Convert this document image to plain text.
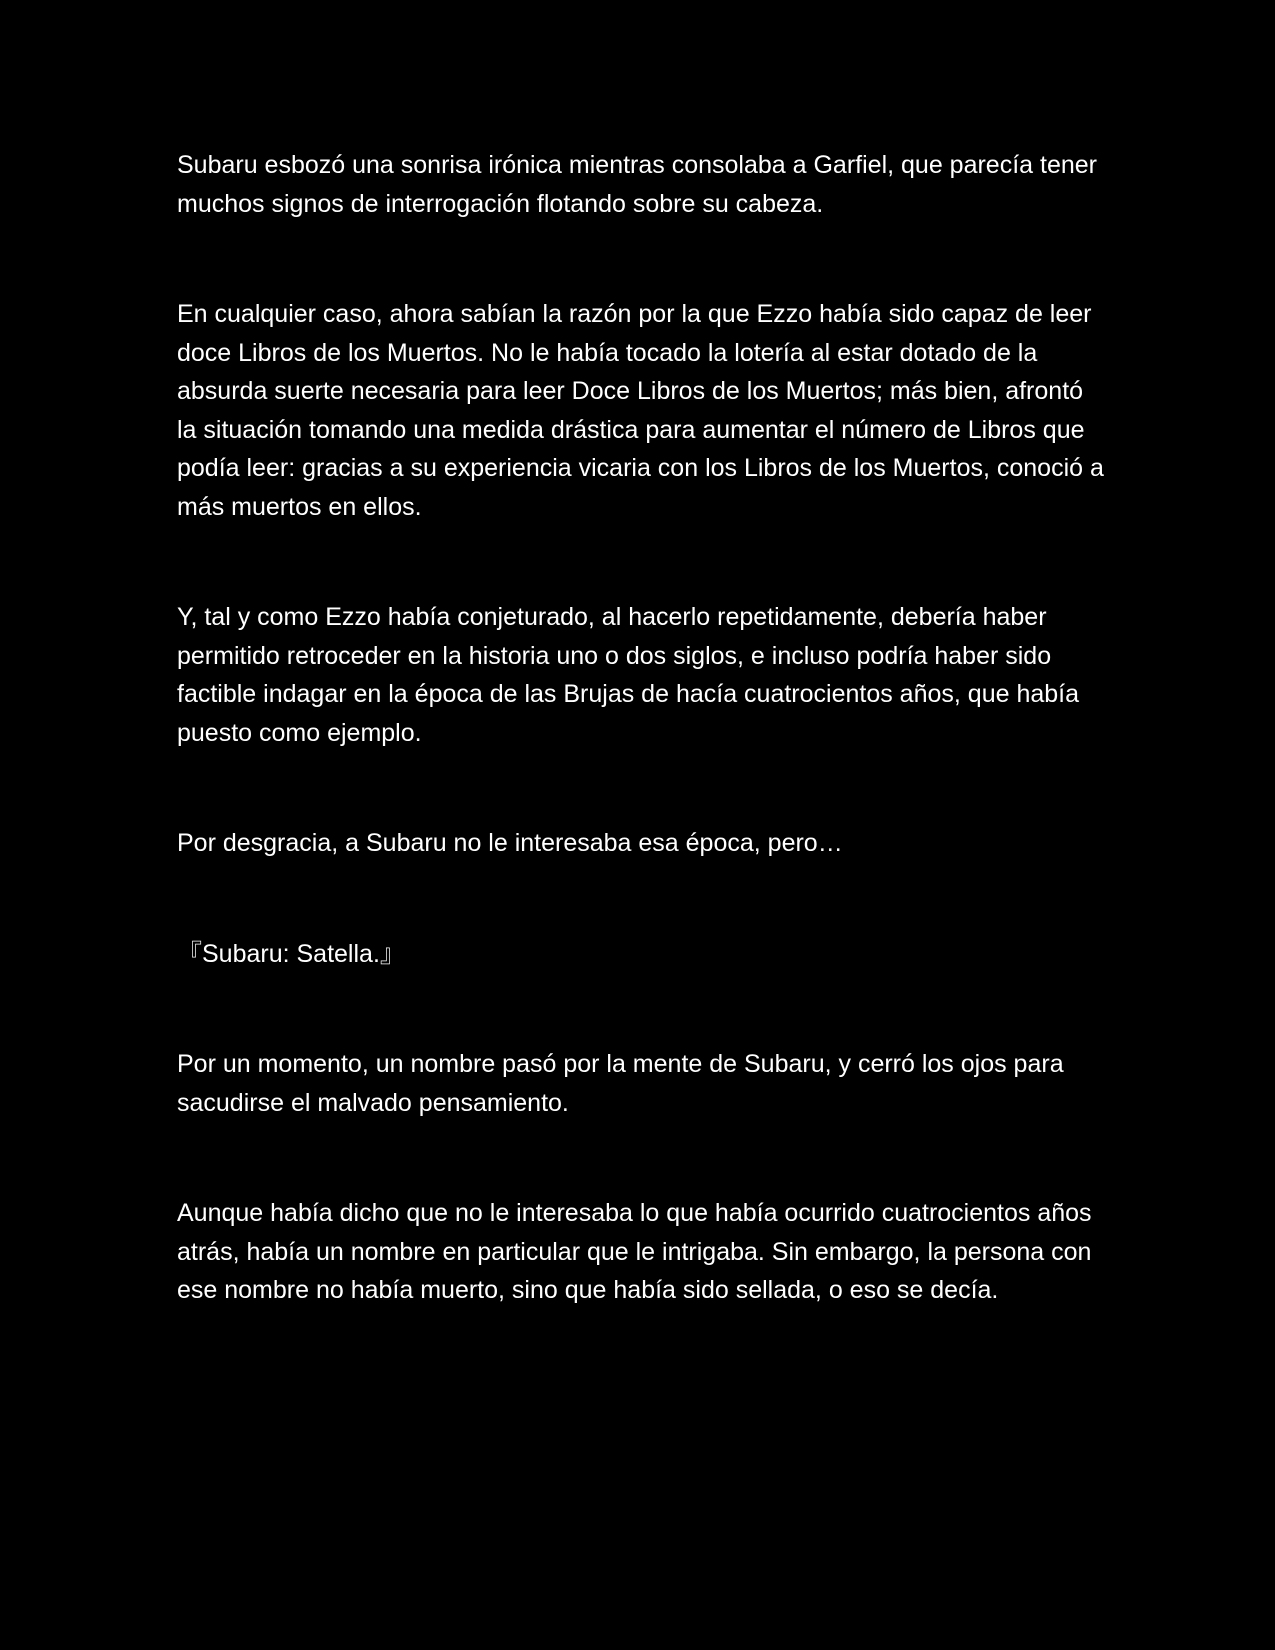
Subaru esbozó una sonrisa irónica mientras consolaba a Garfiel, que parecía tener muchos signos de interrogación flotando sobre su cabeza.

En cualquier caso, ahora sabían la razón por la que Ezzo había sido capaz de leer doce Libros de los Muertos. No le había tocado la lotería al estar dotado de la absurda suerte necesaria para leer Doce Libros de los Muertos; más bien, afrontó la situación tomando una medida drástica para aumentar el número de Libros que podía leer: gracias a su experiencia vicaria con los Libros de los Muertos, conoció a más muertos en ellos.

Y, tal y como Ezzo había conjeturado, al hacerlo repetidamente, debería haber permitido retroceder en la historia uno o dos siglos, e incluso podría haber sido factible indagar en la época de las Brujas de hacía cuatrocientos años, que había puesto como ejemplo.

Por desgracia, a Subaru no le interesaba esa época, pero…

『Subaru: Satella.』

Por un momento, un nombre pasó por la mente de Subaru, y cerró los ojos para sacudirse el malvado pensamiento.

Aunque había dicho que no le interesaba lo que había ocurrido cuatrocientos años atrás, había un nombre en particular que le intrigaba. Sin embargo, la persona con ese nombre no había muerto, sino que había sido sellada, o eso se decía.
